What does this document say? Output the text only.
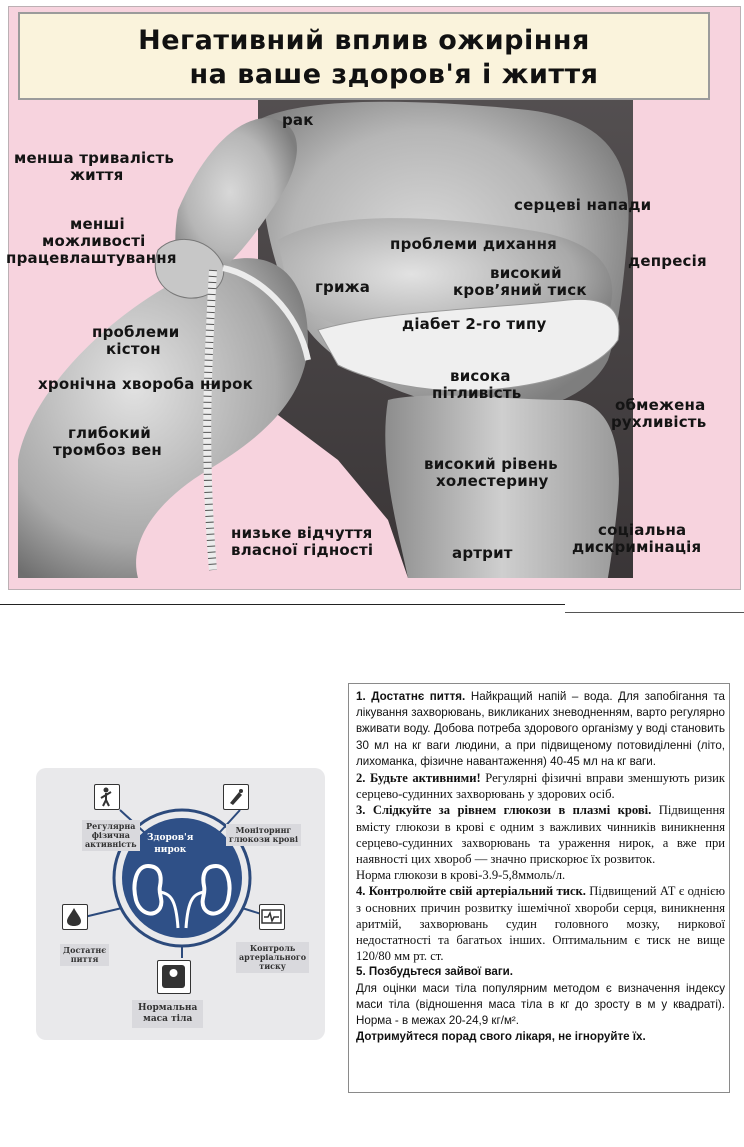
Негативний вплив ожиріння
на ваше здоров'я і життя
рак
менша тривалість
життя
серцеві напади
менші
можливості
працевлаштування
проблеми дихання
депресія
високий
кров’яний тиск
грижа
діабет 2-го типу
проблеми
кістон
висока
пітливість
хронічна хвороба нирок
обмежена
рухливість
глибокий
тромбоз вен
високий рівень
холестерину
низьке відчуття
власної гідності	артрит
соціальна
дискримінація
Здоров'я
нирок
Регулярна
фізична
активність
Моніторинг
глюкози крові
Достатнє
пиття
Контроль
артеріального
тиску
Нормальна
маса тіла

1. Достатнє пиття. Найкращий напій – вода. Для запобігання та лікування захворювань, викликаних зневодненням, варто регулярно вживати воду. Добова потреба здорового організму у воді становить 30 мл на кг ваги людини, а при підвищеному потовиділенні (літо, лихоманка, фізичне навантаження) 40-45 мл на кг ваги.

2. Будьте активними! Регулярні фізичні вправи зменшують ризик серцево-судинних захворювань у здорових осіб.

3. Слідкуйте за рівнем глюкози в плазмі крові. Підвищення вмісту глюкози в крові є одним з важливих чинників виникнення серцево-судинних захворювань та ураження нирок, а вже при наявності цих хвороб — значно прискорює їх розвиток.

Норма глюкози в крові-3.9-5,8ммоль/л.

4. Контролюйте свій артеріальний тиск. Підвищений АТ є однією з основних причин розвитку ішемічної хвороби серця, виникнення аритмій, захворювань судин головного мозку, ниркової недостатності та багатьох інших. Оптимальним є тиск не вище 120/80 мм рт. ст.

5. Позбудьтеся зайвої ваги.

Для оцінки маси тіла популярним методом є визначення індексу маси тіла (відношення маса тіла в кг до зросту в м у квадраті). Норма - в межах 20-24,9 кг/м².

Дотримуйтеся порад свого лікаря, не ігноруйте їх.
